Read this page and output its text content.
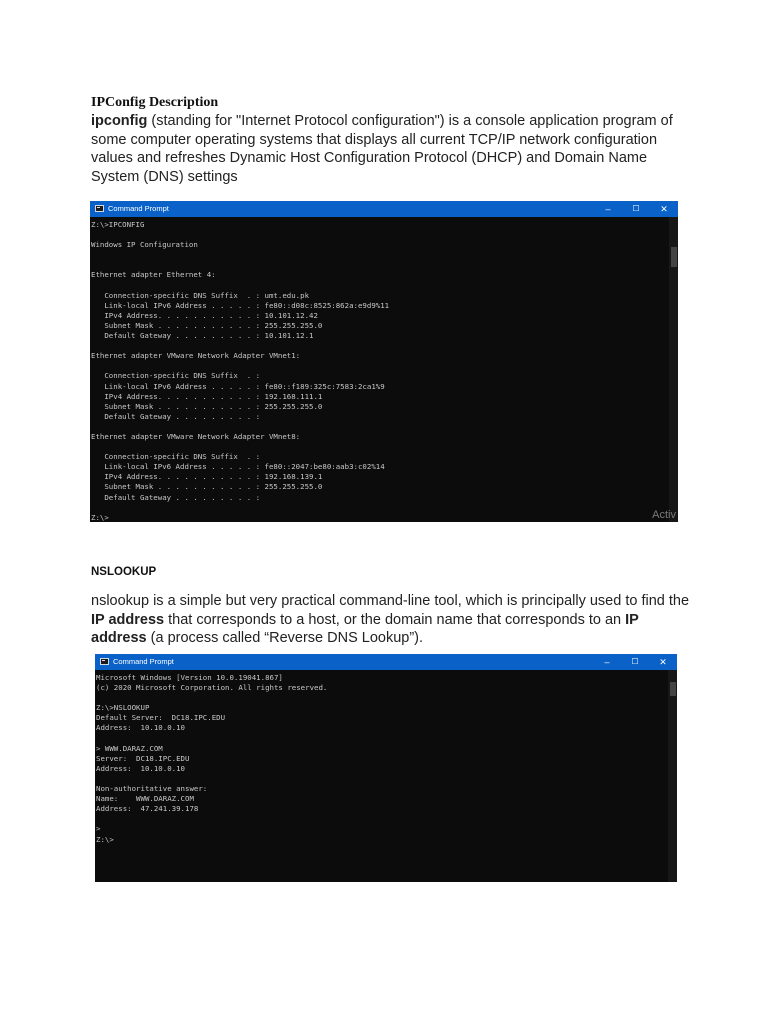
IPConfig Description
ipconfig (standing for "Internet Protocol configuration") is a console application program of some computer operating systems that displays all current TCP/IP network configuration values and refreshes Dynamic Host Configuration Protocol (DHCP) and Domain Name System (DNS) settings
Command Prompt	–	☐	✕
Z:\>IPCONFIG
Windows IP Configuration
Ethernet adapter Ethernet 4:
Connection-specific DNS Suffix  . : umt.edu.pk
Link-local IPv6 Address . . . . . : fe80::d08c:8525:862a:e9d9%11
IPv4 Address. . . . . . . . . . . : 10.101.12.42
Subnet Mask . . . . . . . . . . . : 255.255.255.0
Default Gateway . . . . . . . . . : 10.101.12.1
Ethernet adapter VMware Network Adapter VMnet1:
Connection-specific DNS Suffix  . :
Link-local IPv6 Address . . . . . : fe80::f189:325c:7583:2ca1%9
IPv4 Address. . . . . . . . . . . : 192.168.111.1
Subnet Mask . . . . . . . . . . . : 255.255.255.0
Default Gateway . . . . . . . . . :
Ethernet adapter VMware Network Adapter VMnet8:
Connection-specific DNS Suffix  . :
Link-local IPv6 Address . . . . . : fe80::2047:be80:aab3:c02%14
IPv4 Address. . . . . . . . . . . : 192.168.139.1
Subnet Mask . . . . . . . . . . . : 255.255.255.0
Default Gateway . . . . . . . . . :
Z:\>	Activ
NSLOOKUP
nslookup is a simple but very practical command-line tool, which is principally used to find the IP address that corresponds to a host, or the domain name that corresponds to an IP address (a process called “Reverse DNS Lookup”).
Command Prompt	–	☐	✕
Microsoft Windows [Version 10.0.19041.867]
(c) 2020 Microsoft Corporation. All rights reserved.
Z:\>NSLOOKUP
Default Server:  DC18.IPC.EDU
Address:  10.10.0.10
> WWW.DARAZ.COM
Server:  DC18.IPC.EDU
Address:  10.10.0.10
Non-authoritative answer:
Name:    WWW.DARAZ.COM
Address:  47.241.39.178
>
Z:\>
